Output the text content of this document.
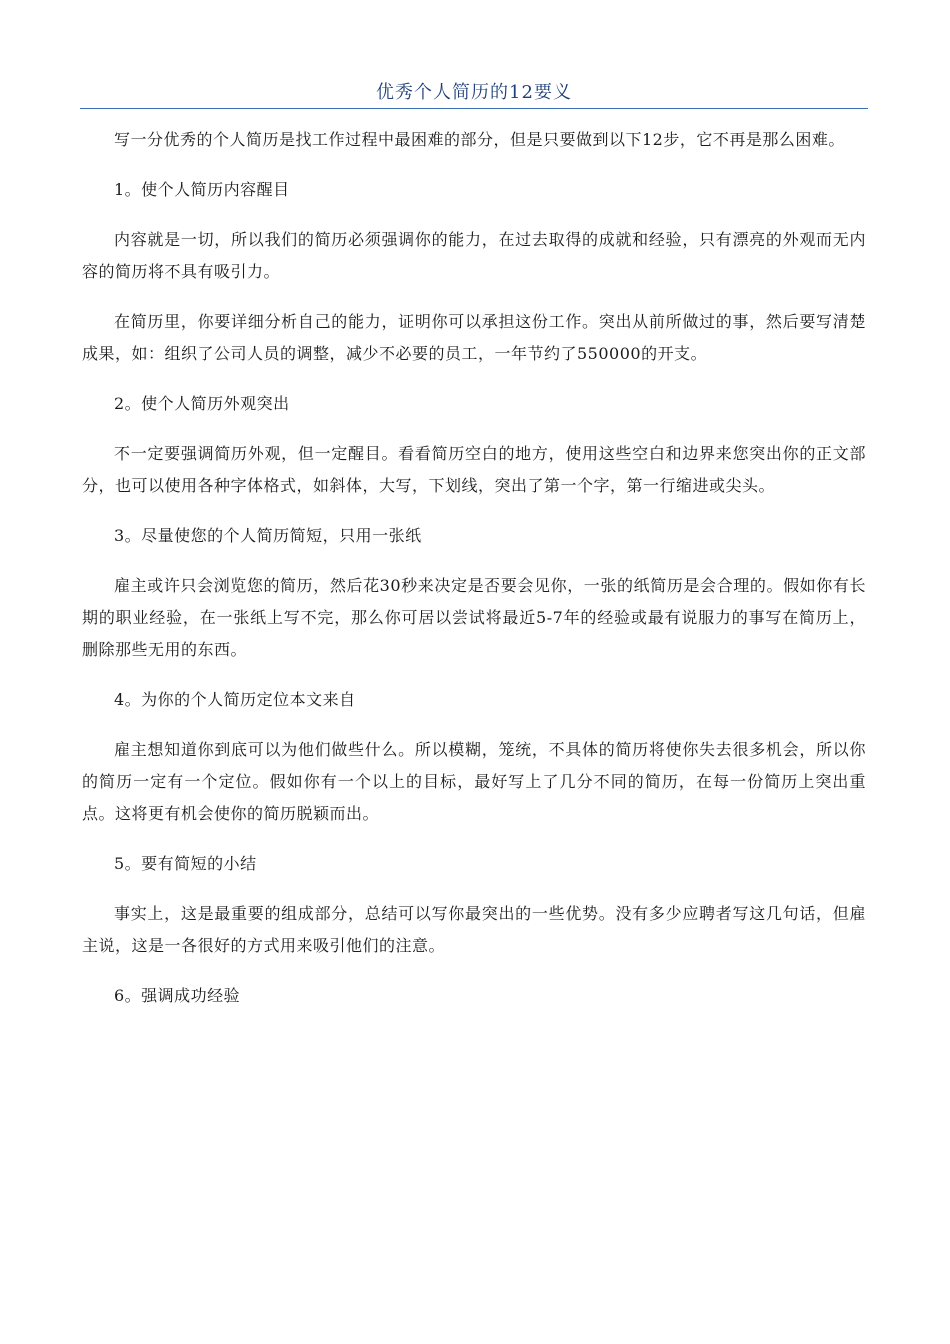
优秀个人简历的12要义

写一分优秀的个人简历是找工作过程中最困难的部分，但是只要做到以下12步，它不再是那么困难。

1。使个人简历内容醒目

内容就是一切，所以我们的简历必须强调你的能力，在过去取得的成就和经验，只有漂亮的外观而无内容的简历将不具有吸引力。

在简历里，你要详细分析自己的能力，证明你可以承担这份工作。突出从前所做过的事，然后要写清楚成果，如：组织了公司人员的调整，减少不必要的员工，一年节约了550000的开支。

2。使个人简历外观突出

不一定要强调简历外观，但一定醒目。看看简历空白的地方，使用这些空白和边界来您突出你的正文部分，也可以使用各种字体格式，如斜体，大写，下划线，突出了第一个字，第一行缩进或尖头。

3。尽量使您的个人简历简短，只用一张纸

雇主或许只会浏览您的简历，然后花30秒来决定是否要会见你，一张的纸简历是会合理的。假如你有长期的职业经验，在一张纸上写不完，那么你可居以尝试将最近5-7年的经验或最有说服力的事写在简历上，删除那些无用的东西。

4。为你的个人简历定位本文来自

雇主想知道你到底可以为他们做些什么。所以模糊，笼统，不具体的简历将使你失去很多机会，所以你的简历一定有一个定位。假如你有一个以上的目标，最好写上了几分不同的简历，在每一份简历上突出重点。这将更有机会使你的简历脱颖而出。

5。要有简短的小结

事实上，这是最重要的组成部分，总结可以写你最突出的一些优势。没有多少应聘者写这几句话，但雇主说，这是一各很好的方式用来吸引他们的注意。

6。强调成功经验
